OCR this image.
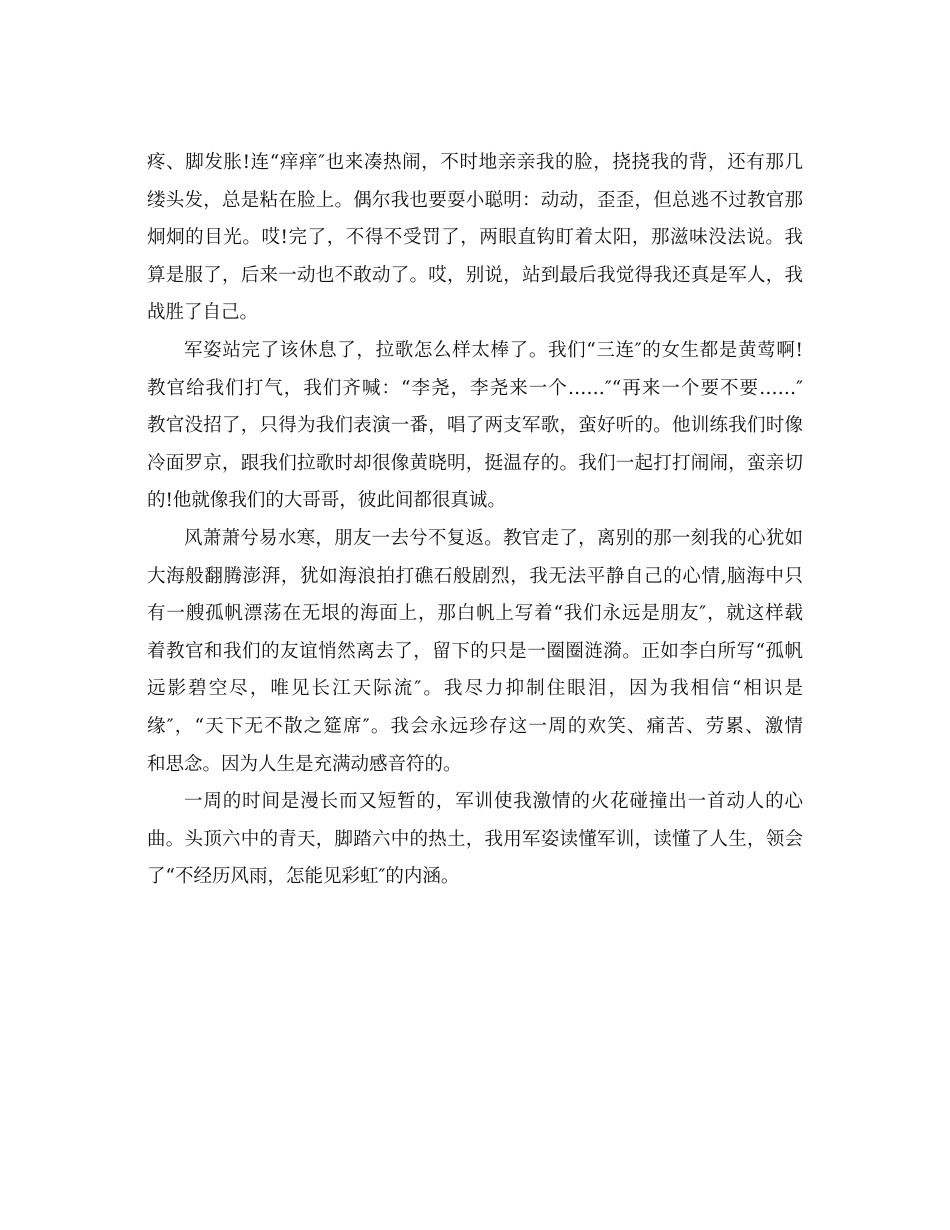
疼、脚发胀!连“痒痒″也来凑热闹，不时地亲亲我的脸，挠挠我的背，还有那几
缕头发，总是粘在脸上。偶尔我也要耍小聪明：动动，歪歪，但总逃不过教官那
炯炯的目光。哎!完了，不得不受罚了，两眼直钩盯着太阳，那滋味没法说。我
算是服了，后来一动也不敢动了。哎，别说，站到最后我觉得我还真是军人，我
战胜了自己。

军姿站完了该休息了，拉歌怎么样太棒了。我们“三连″的女生都是黄莺啊!
教官给我们打气，我们齐喊：“李尧，李尧来一个……″“再来一个要不要……″
教官没招了，只得为我们表演一番，唱了两支军歌，蛮好听的。他训练我们时像
冷面罗京，跟我们拉歌时却很像黄晓明，挺温存的。我们一起打打闹闹，蛮亲切
的!他就像我们的大哥哥，彼此间都很真诚。

风萧萧兮易水寒，朋友一去兮不复返。教官走了，离别的那一刻我的心犹如
大海般翻腾澎湃，犹如海浪拍打礁石般剧烈，我无法平静自己的心情,脑海中只
有一艘孤帆漂荡在无垠的海面上，那白帆上写着“我们永远是朋友″，就这样载
着教官和我们的友谊悄然离去了，留下的只是一圈圈涟漪。正如李白所写“孤帆
远影碧空尽，唯见长江天际流″。我尽力抑制住眼泪，因为我相信“相识是
缘″，“天下无不散之筵席″。我会永远珍存这一周的欢笑、痛苦、劳累、激情
和思念。因为人生是充满动感音符的。

一周的时间是漫长而又短暂的，军训使我激情的火花碰撞出一首动人的心
曲。头顶六中的青天，脚踏六中的热土，我用军姿读懂军训，读懂了人生，领会
了“不经历风雨，怎能见彩虹″的内涵。
